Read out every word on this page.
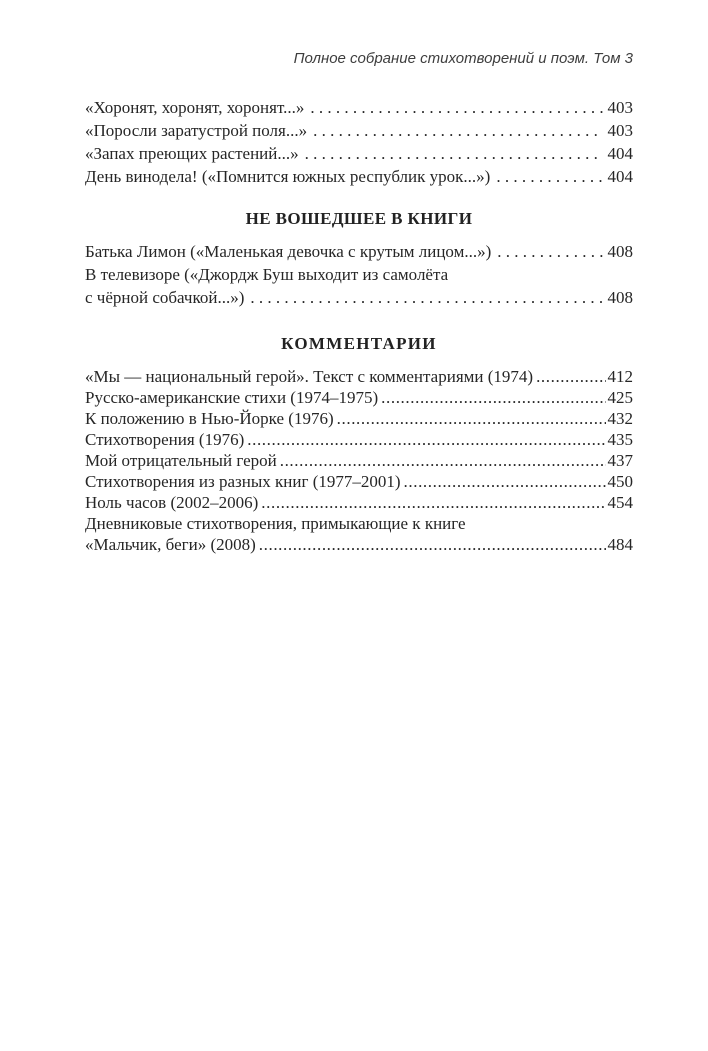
Полное собрание стихотворений и поэм. Том 3
«Хоронят, хоронят, хоронят...» . . .	403
«Поросли заратустрой поля...» . . .	403
«Запах преющих растений...» . . .	404
День винодела! («Помнится южных республик урок...») . . .	404
НЕ ВОШЕДШЕЕ В КНИГИ
Батька Лимон («Маленькая девочка с крутым лицом...») . . .	408
В телевизоре («Джордж Буш выходит из самолёта
с чёрной собачкой...») . . .	408
КОММЕНТАРИИ
«Мы — национальный герой». Текст с комментариями (1974) .....	412
Русско-американские стихи (1974–1975) .....	425
К положению в Нью-Йорке (1976) .....	432
Стихотворения (1976) .....	435
Мой отрицательный герой .....	437
Стихотворения из разных книг (1977–2001) .....	450
Ноль часов (2002–2006) .....	454
Дневниковые стихотворения, примыкающие к книге
«Мальчик, беги» (2008) .....	484
